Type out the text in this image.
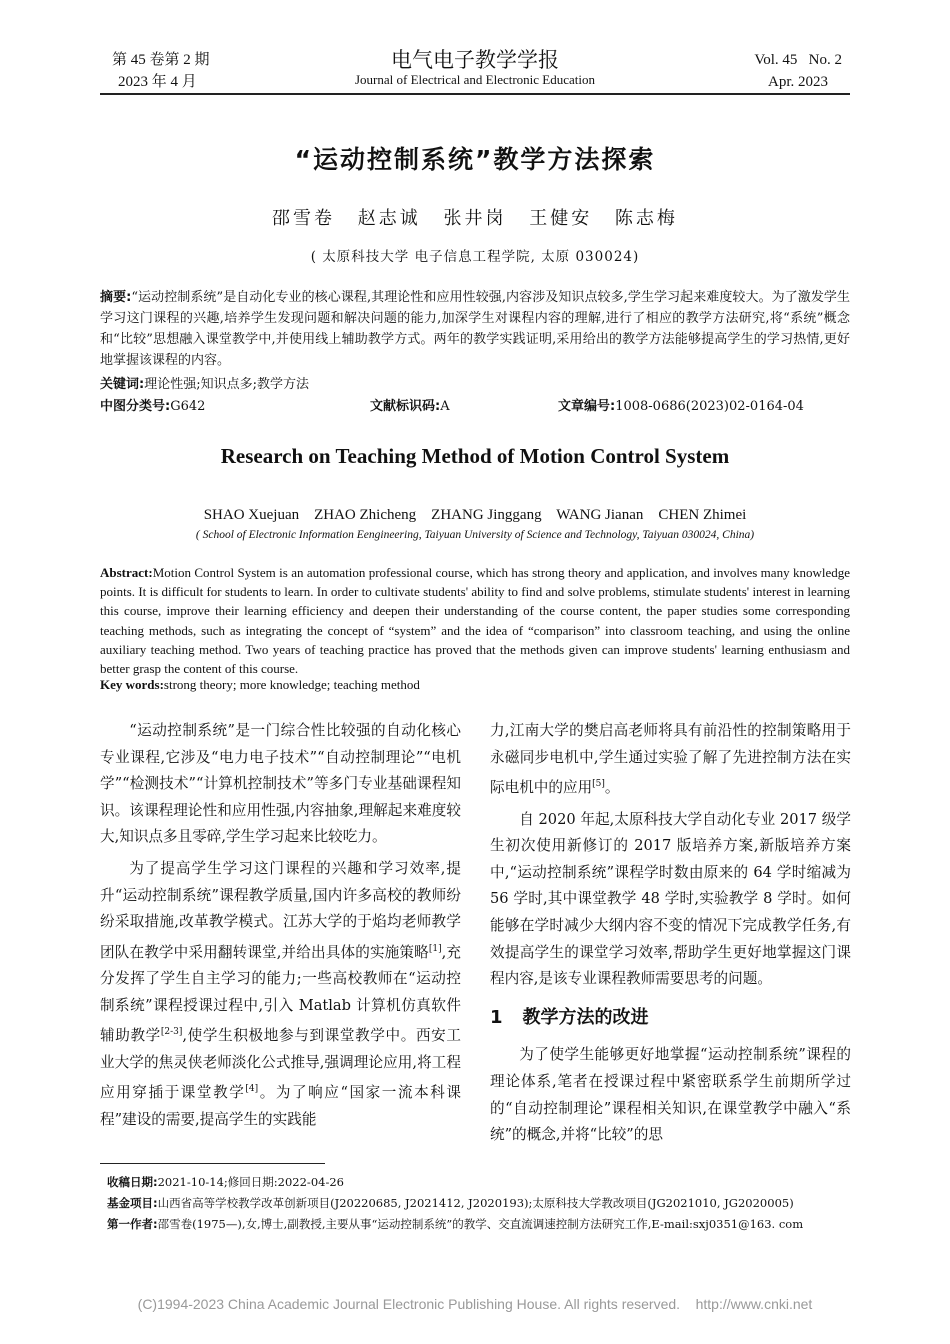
第 45 卷第 2 期
2023 年 4 月
电气电子教学学报
Journal of Electrical and Electronic Education
Vol. 45   No. 2
Apr. 2023
“运动控制系统”教学方法探索
邵雪卷 赵志诚 张井岗 王健安 陈志梅
( 太原科技大学 电子信息工程学院, 太原 030024)
摘要:“运动控制系统”是自动化专业的核心课程,其理论性和应用性较强,内容涉及知识点较多,学生学习起来难度较大。为了激发学生学习这门课程的兴趣,培养学生发现问题和解决问题的能力,加深学生对课程内容的理解,进行了相应的教学方法研究,将“系统”概念和“比较”思想融入课堂教学中,并使用线上辅助教学方式。两年的教学实践证明,采用给出的教学方法能够提高学生的学习热情,更好地掌握该课程的内容。
关键词:理论性强;知识点多;教学方法
中图分类号:G642	文献标识码:A	文章编号:1008-0686(2023)02-0164-04
Research on Teaching Method of Motion Control System
SHAO Xuejuan    ZHAO Zhicheng    ZHANG Jinggang    WANG Jianan    CHEN Zhimei
( School of Electronic Information Eengineering, Taiyuan University of Science and Technology, Taiyuan 030024, China)
Abstract:Motion Control System is an automation professional course, which has strong theory and application, and involves many knowledge points. It is difficult for students to learn. In order to cultivate students' ability to find and solve problems, stimulate students' interest in learning this course, improve their learning efficiency and deepen their understanding of the course content, the paper studies some corresponding teaching methods, such as integrating the concept of “system” and the idea of “comparison” into classroom teaching, and using the online auxiliary teaching method. Two years of teaching practice has proved that the methods given can improve students' learning enthusiasm and better grasp the content of this course.
Key words:strong theory; more knowledge; teaching method

“运动控制系统”是一门综合性比较强的自动化核心专业课程,它涉及“电力电子技术”“自动控制理论”“电机学”“检测技术”“计算机控制技术”等多门专业基础课程知识。该课程理论性和应用性强,内容抽象,理解起来难度较大,知识点多且零碎,学生学习起来比较吃力。

为了提高学生学习这门课程的兴趣和学习效率,提升“运动控制系统”课程教学质量,国内许多高校的教师纷纷采取措施,改革教学模式。江苏大学的于焰均老师教学团队在教学中采用翻转课堂,并给出具体的实施策略[1],充分发挥了学生自主学习的能力;一些高校教师在“运动控制系统”课程授课过程中,引入 Matlab 计算机仿真软件辅助教学[2-3],使学生积极地参与到课堂教学中。西安工业大学的焦灵侠老师淡化公式推导,强调理论应用,将工程应用穿插于课堂教学[4]。为了响应“国家一流本科课程”建设的需要,提高学生的实践能

力,江南大学的樊启高老师将具有前沿性的控制策略用于永磁同步电机中,学生通过实验了解了先进控制方法在实际电机中的应用[5]。

自 2020 年起,太原科技大学自动化专业 2017 级学生初次使用新修订的 2017 版培养方案,新版培养方案中,“运动控制系统”课程学时数由原来的 64 学时缩减为 56 学时,其中课堂教学 48 学时,实验教学 8 学时。如何能够在学时减少大纲内容不变的情况下完成教学任务,有效提高学生的课堂学习效率,帮助学生更好地掌握这门课程内容,是该专业课程教师需要思考的问题。

1 教学方法的改进

为了使学生能够更好地掌握“运动控制系统”课程的理论体系,笔者在授课过程中紧密联系学生前期所学过的“自动控制理论”课程相关知识,在课堂教学中融入“系统”的概念,并将“比较”的思

收稿日期:2021-10-14;修回日期:2022-04-26
基金项目:山西省高等学校教学改革创新项目(J20220685, J2021412, J2020193);太原科技大学教改项目(JG2021010, JG2020005)
第一作者:邵雪卷(1975—),女,博士,副教授,主要从事“运动控制系统”的教学、交直流调速控制方法研究工作,E-mail:sxj0351@163. com
(C)1994-2023 China Academic Journal Electronic Publishing House. All rights reserved.    http://www.cnki.net
